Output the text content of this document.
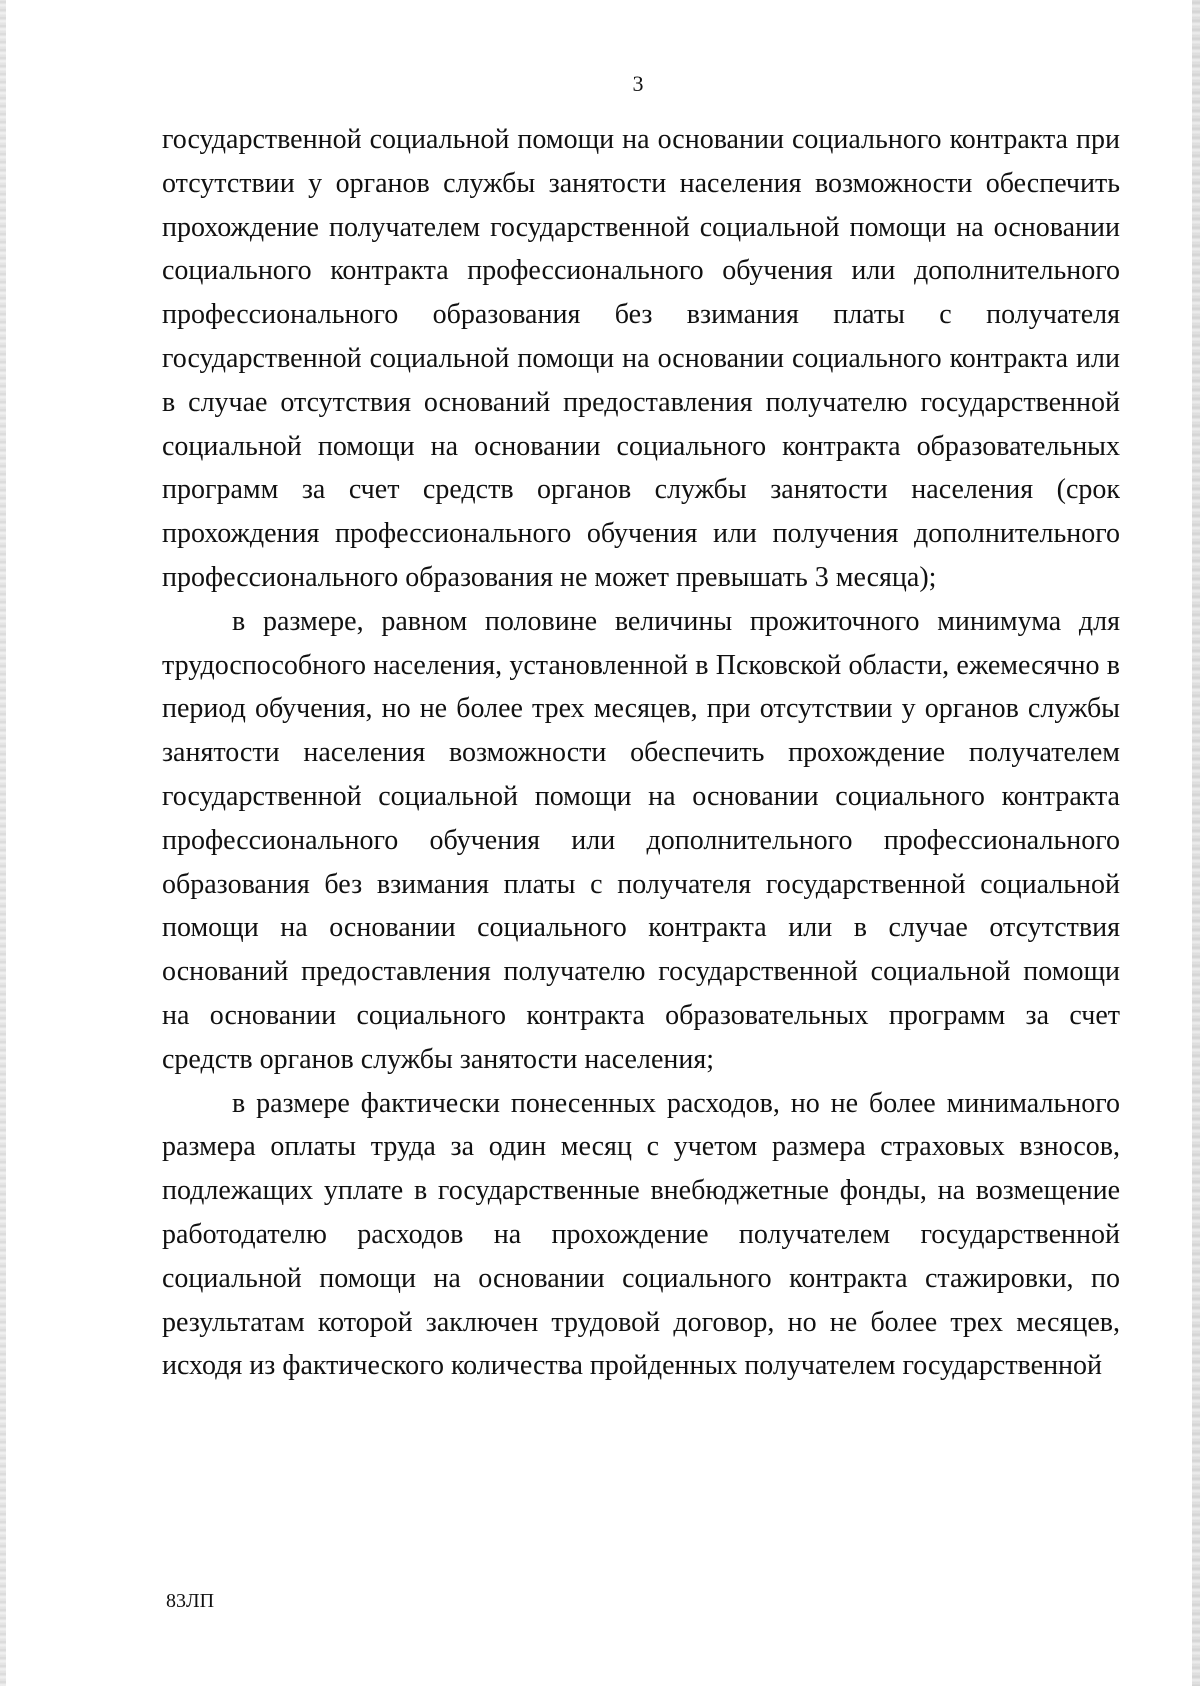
3

государственной социальной помощи на основании социального контракта при отсутствии у органов службы занятости населения возможности обеспечить прохождение получателем государственной социальной помощи на основании социального контракта профессионального обучения или дополнительного профессионального образования без взимания платы с получателя государственной социальной помощи на основании социального контракта или в случае отсутствия оснований предоставления получателю государственной социальной помощи на основании социального контракта образовательных программ за счет средств органов службы занятости населения (срок прохождения профессионального обучения или получения дополнительного профессионального образования не может превышать 3 месяца);

в размере, равном половине величины прожиточного минимума для трудоспособного населения, установленной в Псковской области, ежемесячно в период обучения, но не более трех месяцев, при отсутствии у органов службы занятости населения возможности обеспечить прохождение получателем государственной социальной помощи на основании социального контракта профессионального обучения или дополнительного профессионального образования без взимания платы с получателя государственной социальной помощи на основании социального контракта или в случае отсутствия оснований предоставления получателю государственной социальной помощи на основании социального контракта образовательных программ за счет средств органов службы занятости населения;

в размере фактически понесенных расходов, но не более минимального размера оплаты труда за один месяц с учетом размера страховых взносов, подлежащих уплате в государственные внебюджетные фонды, на возмещение работодателю расходов на прохождение получателем государственной социальной помощи на основании социального контракта стажировки, по результатам которой заключен трудовой договор, но не более трех месяцев, исходя из фактического количества пройденных получателем государственной

83ЛП
